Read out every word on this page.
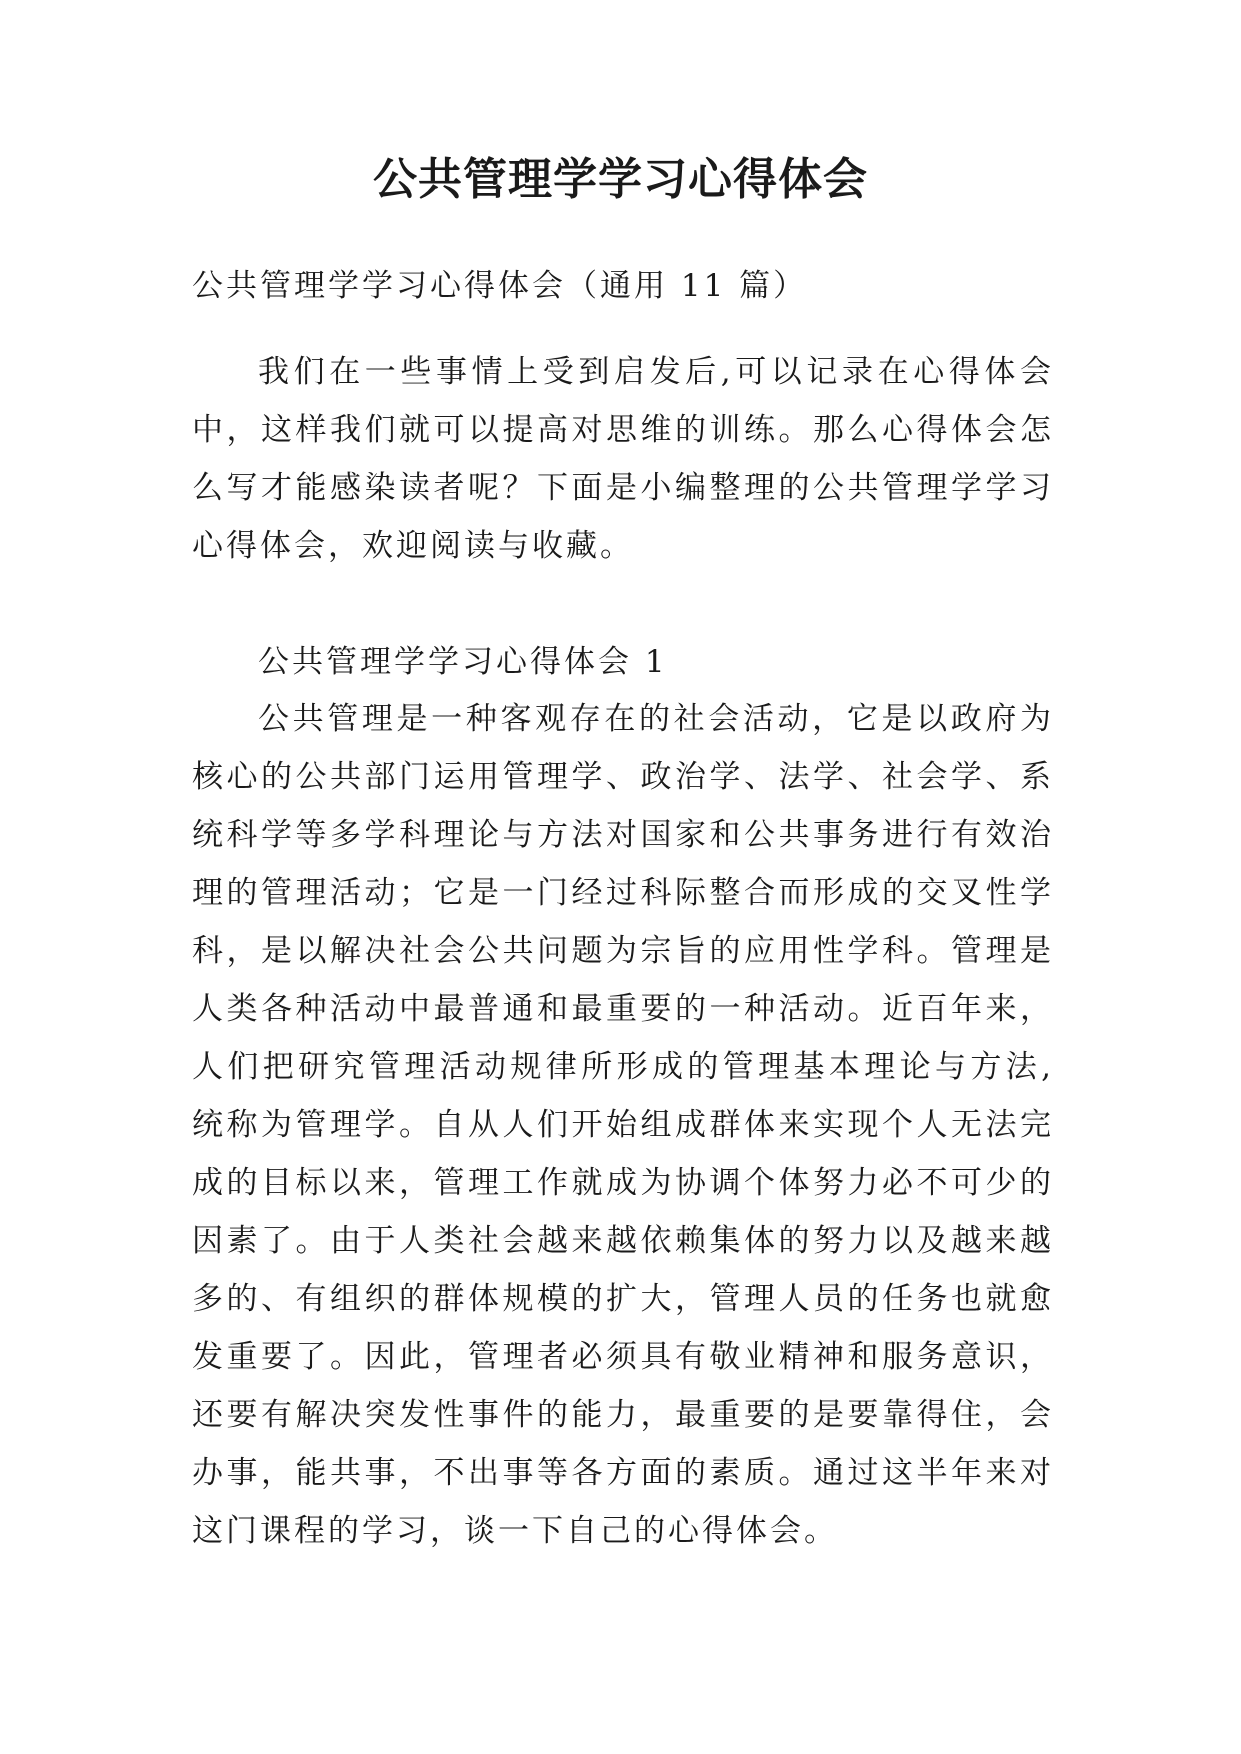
公共管理学学习心得体会

公共管理学学习心得体会（通用 11 篇）

我们在一些事情上受到启发后,可以记录在心得体会中，这样我们就可以提高对思维的训练。那么心得体会怎么写才能感染读者呢？下面是小编整理的公共管理学学习心得体会，欢迎阅读与收藏。

公共管理学学习心得体会 1

公共管理是一种客观存在的社会活动，它是以政府为核心的公共部门运用管理学、政治学、法学、社会学、系统科学等多学科理论与方法对国家和公共事务进行有效治理的管理活动；它是一门经过科际整合而形成的交叉性学科，是以解决社会公共问题为宗旨的应用性学科。管理是人类各种活动中最普通和最重要的一种活动。近百年来，人们把研究管理活动规律所形成的管理基本理论与方法,统称为管理学。自从人们开始组成群体来实现个人无法完成的目标以来，管理工作就成为协调个体努力必不可少的因素了。由于人类社会越来越依赖集体的努力以及越来越多的、有组织的群体规模的扩大，管理人员的任务也就愈发重要了。因此，管理者必须具有敬业精神和服务意识，还要有解决突发性事件的能力，最重要的是要靠得住，会办事，能共事，不出事等各方面的素质。通过这半年来对这门课程的学习，谈一下自己的心得体会。
